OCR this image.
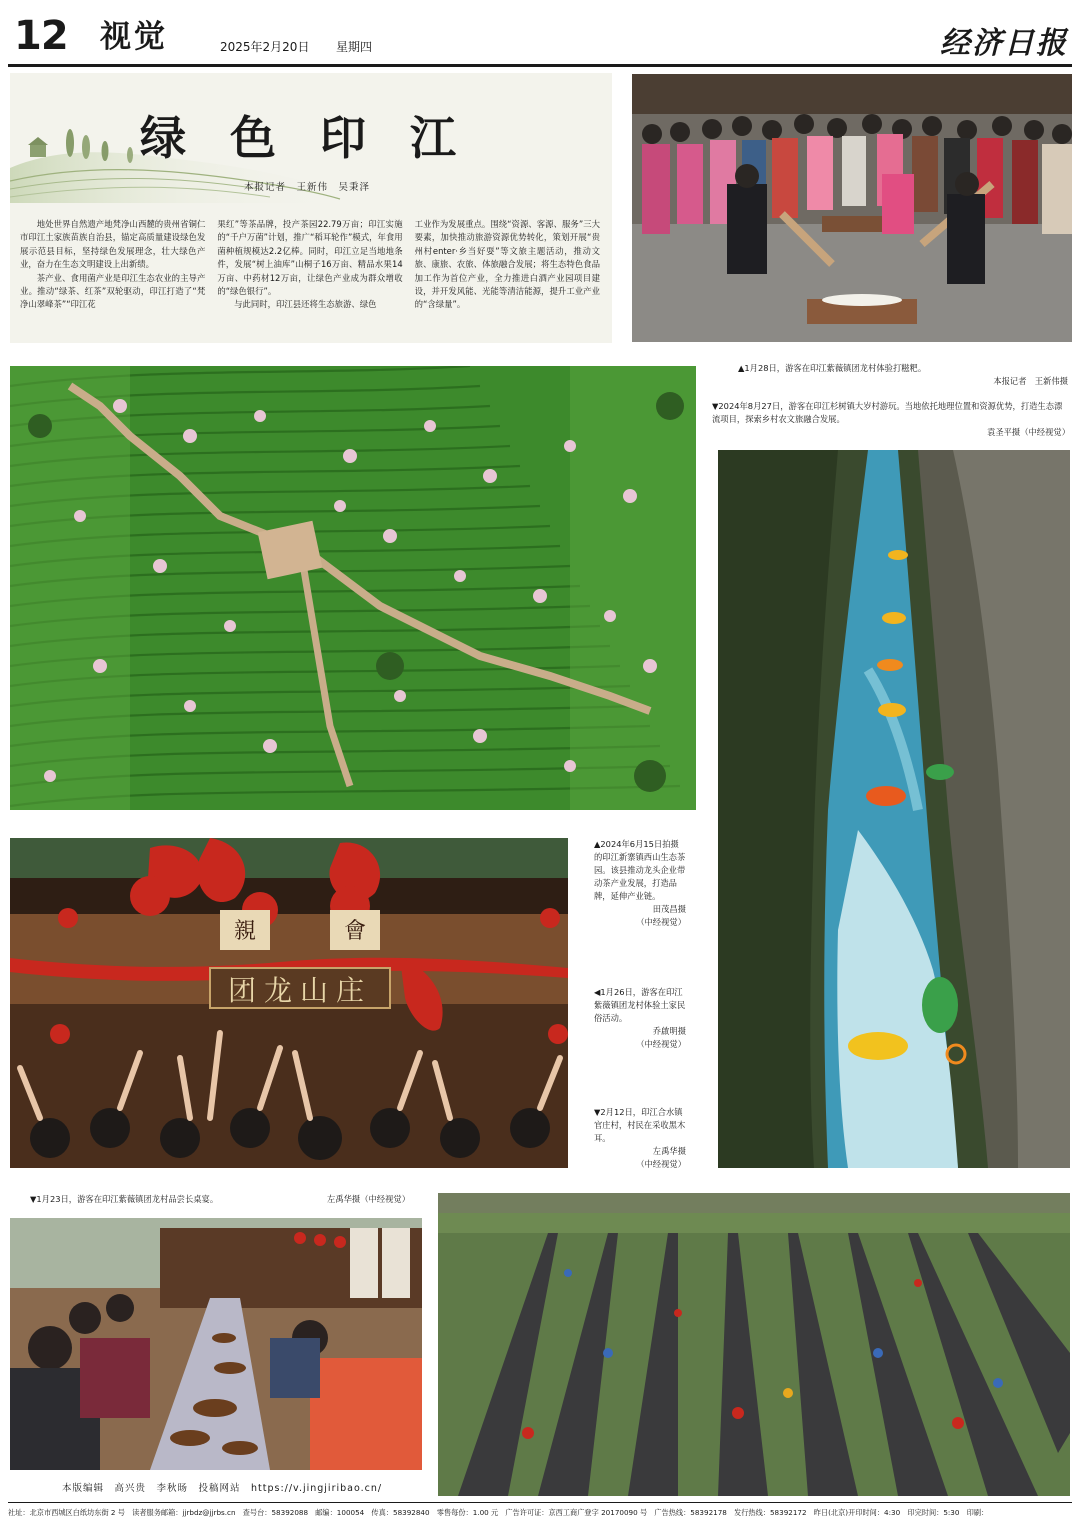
12 视觉	2025年2月20日 星期四	经济日报
绿色印江
本报记者　王新伟　吴秉泽

地处世界自然遗产地梵净山西麓的贵州省铜仁市印江土家族苗族自治县，锚定高质量建设绿色发展示范县目标，坚持绿色发展理念，壮大绿色产业，奋力在生态文明建设上出新绩。

茶产业、食用菌产业是印江生态农业的主导产业。推动“绿茶、红茶”双轮驱动，印江打造了“梵净山翠峰茶”“印江花

果红”等茶品牌，投产茶园22.79万亩；印江实施的“千户万菌”计划，推广“稻耳轮作”模式，年食用菌种植规模达2.2亿棒。同时，印江立足当地地条件，发展“树上油库”山桐子16万亩、精品水果14万亩、中药材12万亩，让绿色产业成为群众增收的“绿色银行”。

与此同时，印江县还将生态旅游、绿色

工业作为发展重点。围绕“资源、客源、服务”三大要素，加快推动旅游资源优势转化，策划开展“贵州村enter·乡当好耍”等文旅主题活动，推动文旅、康旅、农旅、体旅融合发展；将生态特色食品加工作为首位产业，全力推进白酒产业园项目建设，并开发风能、光能等清洁能源，提升工业产业的“含绿量”。

▲1月28日，游客在印江紫薇镇团龙村体验打糍粑。
本报记者　王新伟摄
▼2024年8月27日，游客在印江杉树镇大岁村游玩。当地依托地理位置和资源优势，打造生态漂流项目，探索乡村农文旅融合发展。
袁圣平摄（中经视觉）
親	會
团龙山庄
▲2024年6月15日拍摄的印江新寨镇西山生态茶园。该县推动龙头企业带动茶产业发展，打造品牌，延伸产业链。
田茂昌摄
（中经视觉）
◀1月26日，游客在印江紫薇镇团龙村体验土家民俗活动。
乔啟明摄
（中经视觉）
▼2月12日，印江合水镇官庄村，村民在采收黑木耳。
左禹华摄
（中经视觉）
▼1月23日，游客在印江紫薇镇团龙村品尝长桌宴。	左禹华摄（中经视觉）
本版编辑　高兴贵　李秋旸　投稿网站　https://v.jingjiribao.cn/
社址：北京市西城区白纸坊东街 2 号　读者服务邮箱：jjrbdz@jjrbs.cn　查号台：58392088　邮编：100054　传真：58392840　零售每份：1.00 元　广告许可证：京西工商广登字 20170090 号　广告热线：58392178　发行热线：58392172　昨日(北京)开印时间：4:30　印完时间：5:30　印刷：
